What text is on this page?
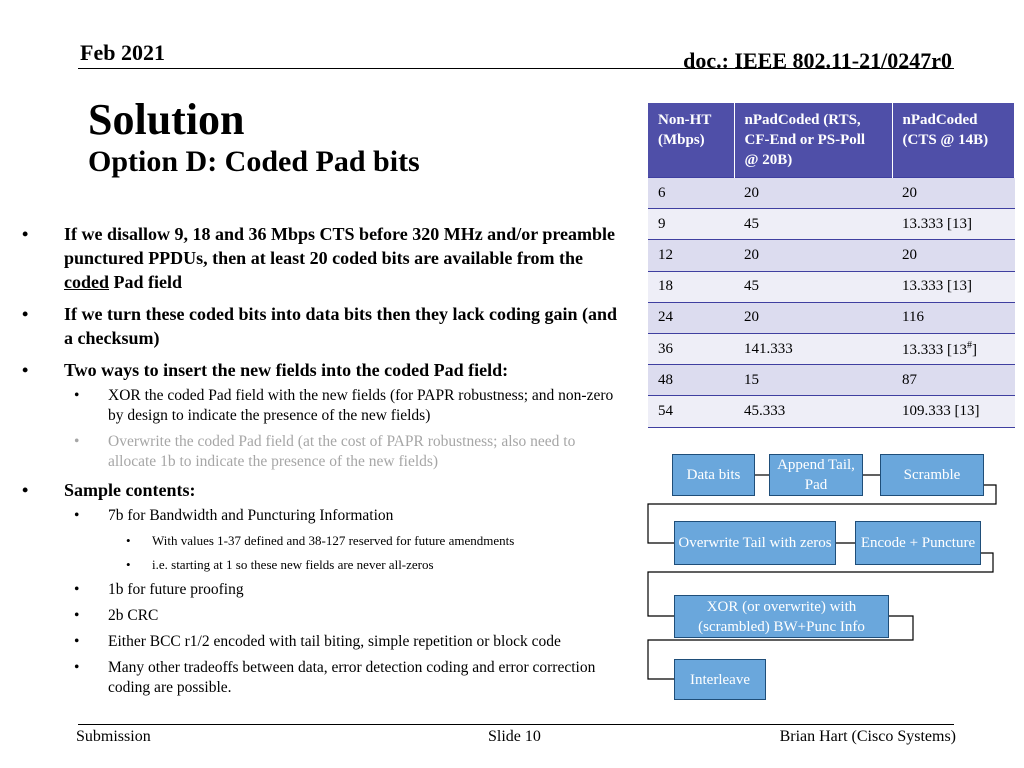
Feb 2021	doc.: IEEE 802.11-21/0247r0
Solution
Option D: Coded Pad bits
• If we disallow 9, 18 and 36 Mbps CTS before 320 MHz and/or preamble punctured PPDUs, then at least 20 coded bits are available from the coded Pad field
• If we turn these coded bits into data bits then they lack coding gain (and a checksum)
• Two ways to insert the new fields into the coded Pad field:
• XOR the coded Pad field with the new fields (for PAPR robustness; and non-zero by design to indicate the presence of the new fields)
• Overwrite the coded Pad field (at the cost of PAPR robustness; also need to allocate 1b to indicate the presence of the new fields)
• Sample contents:
• 7b for Bandwidth and Puncturing Information
• With values 1-37 defined and 38-127 reserved for future amendments
• i.e. starting at 1 so these new fields are never all-zeros
• 1b for future proofing
• 2b CRC
• Either BCC r1/2 encoded with tail biting, simple repetition or block code
• Many other tradeoffs between data, error detection coding and error correction coding are possible.
Non-HT (Mbps)	nPadCoded (RTS, CF-End or PS-Poll @ 20B)	nPadCoded (CTS @ 14B)
6	20	20
9	45	13.333 [13]
12	20	20
18	45	13.333 [13]
24	20	116
36	141.333	13.333 [13#]
48	15	87
54	45.333	109.333 [13]
Data bits
Append Tail, Pad
Scramble
Overwrite Tail with zeros	Encode + Puncture
XOR (or overwrite) with (scrambled) BW+Punc Info
Interleave
Submission	Slide 10	Brian Hart (Cisco Systems)
